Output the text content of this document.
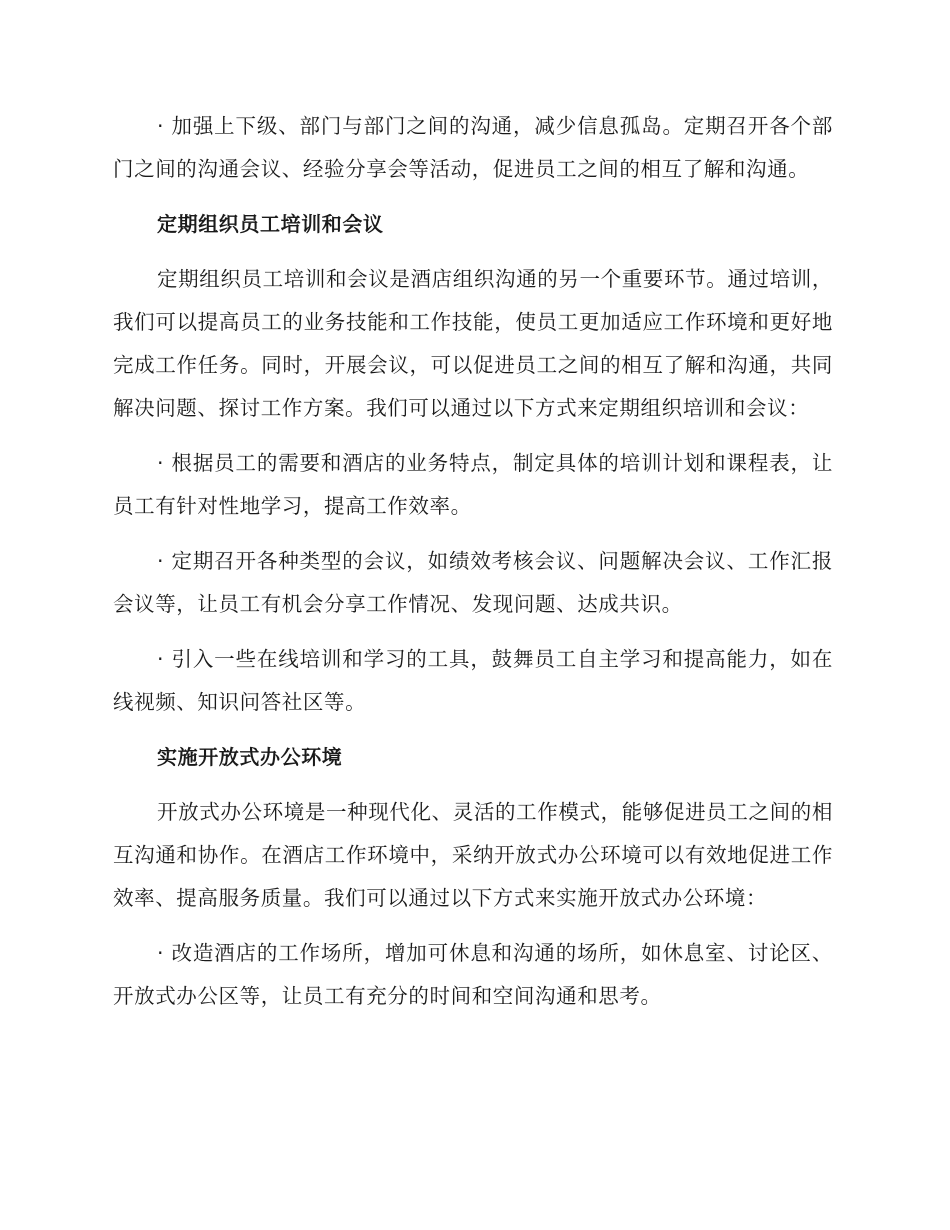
· 加强上下级、部门与部门之间的沟通，减少信息孤岛。定期召开各个部门之间的沟通会议、经验分享会等活动，促进员工之间的相互了解和沟通。

定期组织员工培训和会议

定期组织员工培训和会议是酒店组织沟通的另一个重要环节。通过培训，我们可以提高员工的业务技能和工作技能，使员工更加适应工作环境和更好地完成工作任务。同时，开展会议，可以促进员工之间的相互了解和沟通，共同解决问题、探讨工作方案。我们可以通过以下方式来定期组织培训和会议：

· 根据员工的需要和酒店的业务特点，制定具体的培训计划和课程表，让员工有针对性地学习，提高工作效率。

· 定期召开各种类型的会议，如绩效考核会议、问题解决会议、工作汇报会议等，让员工有机会分享工作情况、发现问题、达成共识。

· 引入一些在线培训和学习的工具，鼓舞员工自主学习和提高能力，如在线视频、知识问答社区等。

实施开放式办公环境

开放式办公环境是一种现代化、灵活的工作模式，能够促进员工之间的相互沟通和协作。在酒店工作环境中，采纳开放式办公环境可以有效地促进工作效率、提高服务质量。我们可以通过以下方式来实施开放式办公环境：

· 改造酒店的工作场所，增加可休息和沟通的场所，如休息室、讨论区、开放式办公区等，让员工有充分的时间和空间沟通和思考。
